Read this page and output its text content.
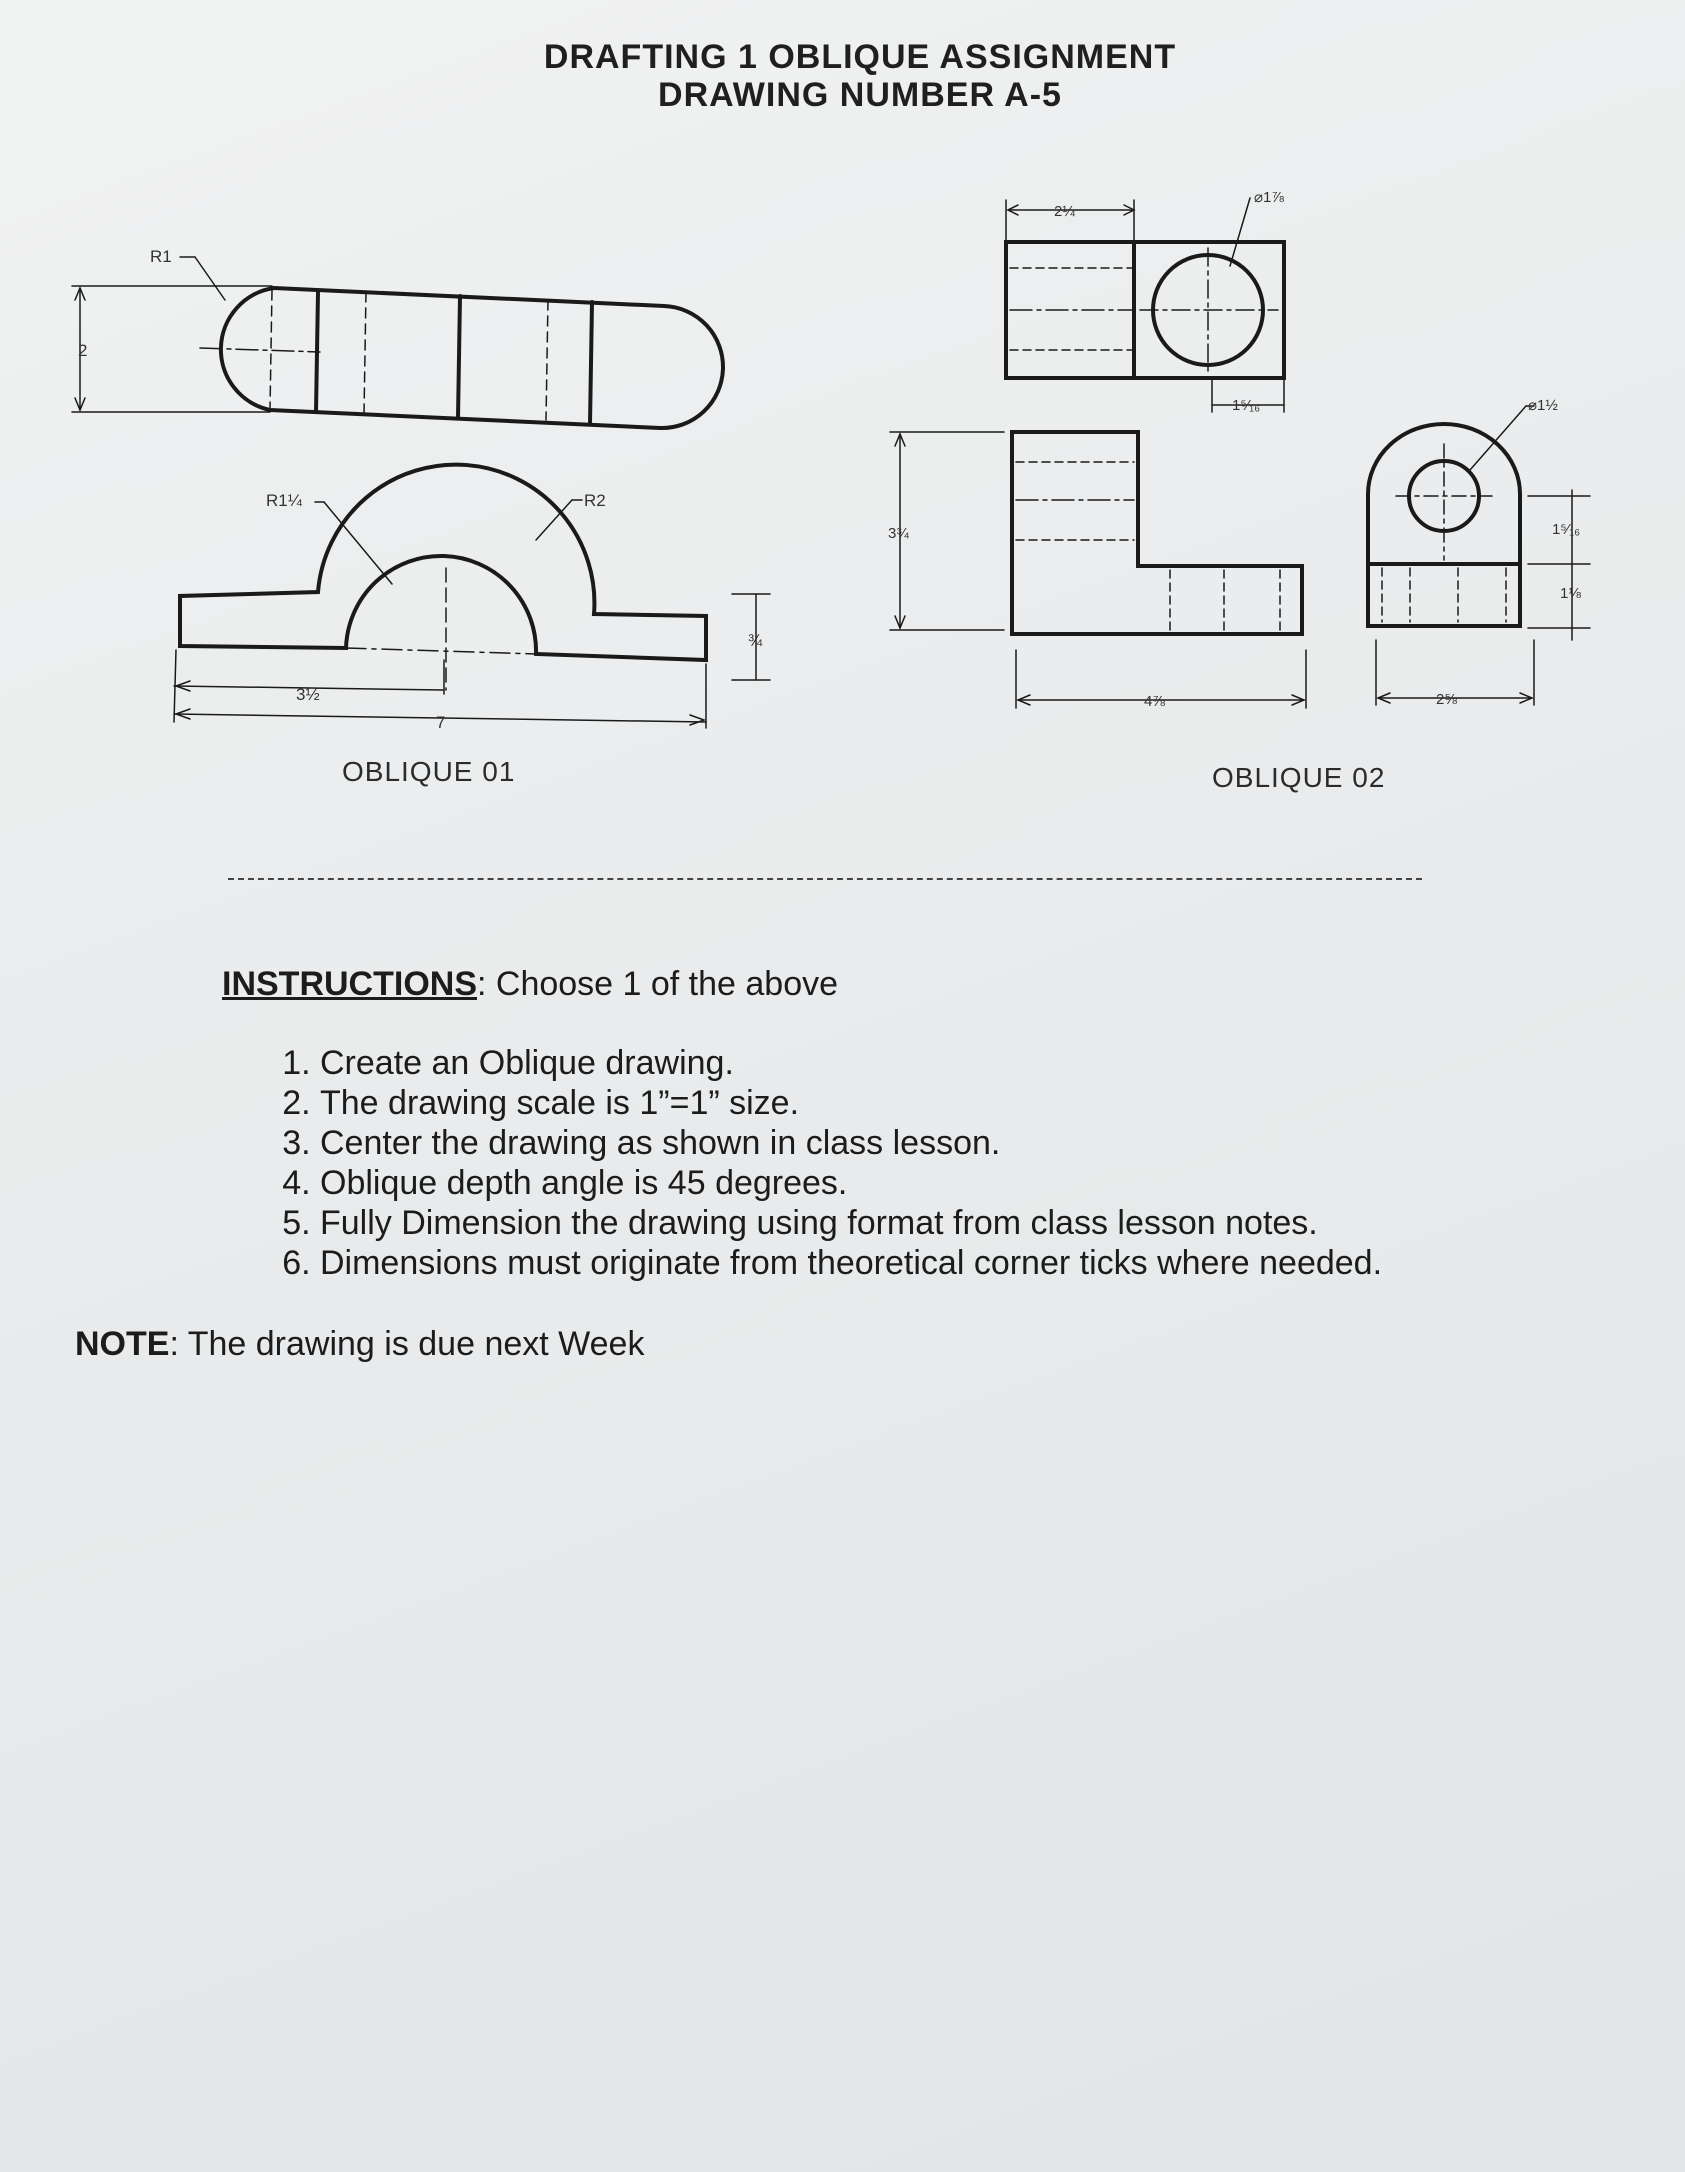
DRAFTING 1 OBLIQUE ASSIGNMENT
DRAWING NUMBER A-5
R1
2
R1¼	R2
3½
7
¾
2¼
⌀1⅞
1⁵⁄₁₆
3¾
4⅞
⌀1½
1⁵⁄₁₆
1⅛
2⅝
OBLIQUE 01	OBLIQUE 02
INSTRUCTIONS: Choose 1 of the above
1. Create an Oblique drawing.
2. The drawing scale is 1”=1” size.
3. Center the drawing as shown in class lesson.
4. Oblique depth angle is 45 degrees.
5. Fully Dimension the drawing using format from class lesson notes.
6. Dimensions must originate from theoretical corner ticks where needed.
NOTE: The drawing is due next Week
